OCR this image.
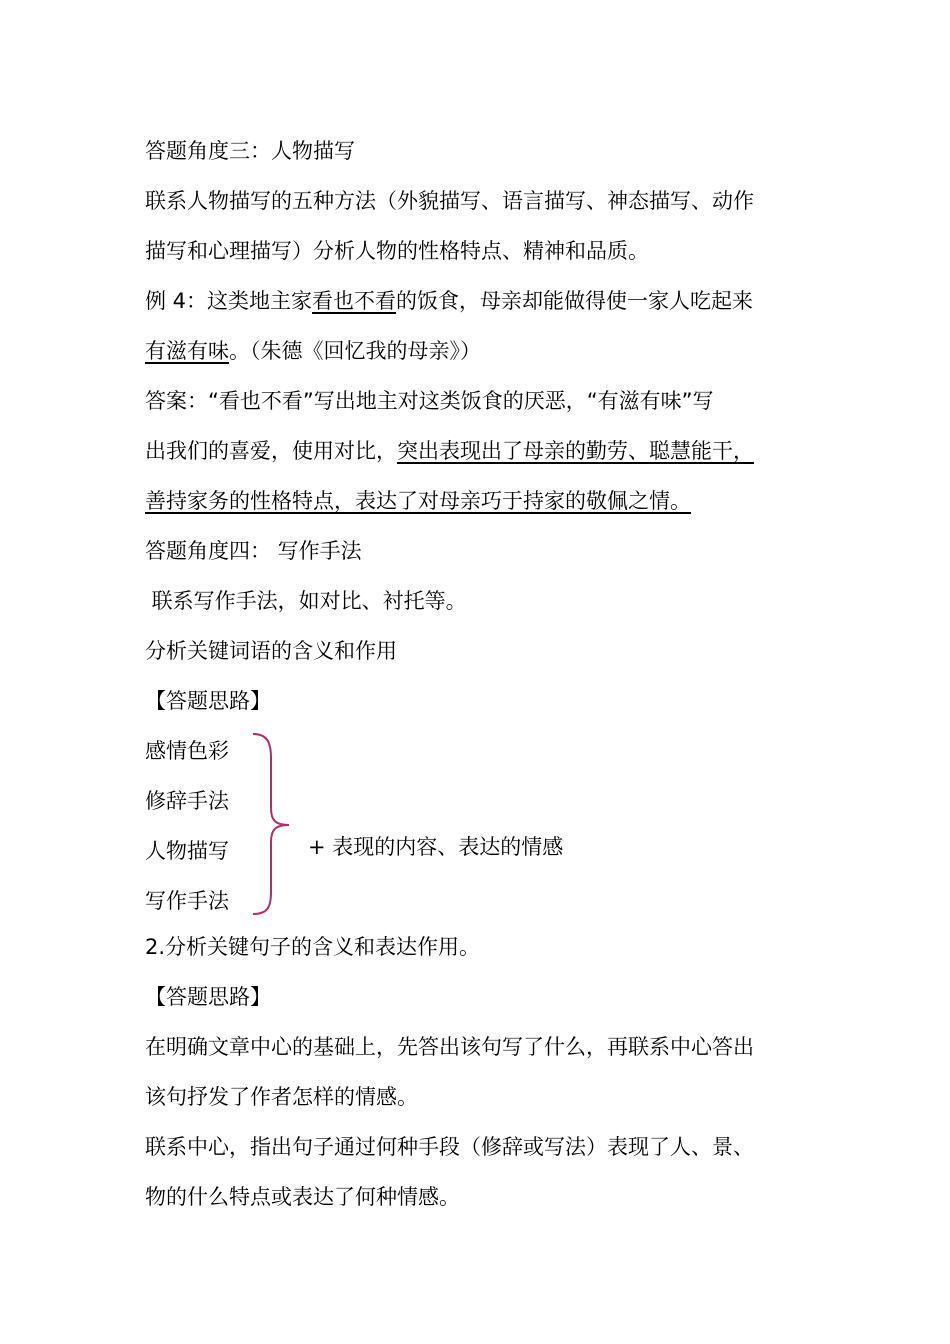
答题角度三：人物描写
联系人物描写的五种方法（外貌描写、语言描写、神态描写、动作
描写和心理描写）分析人物的性格特点、精神和品质。
例 4：这类地主家看也不看的饭食，母亲却能做得使一家人吃起来
有滋有味。（朱德《回忆我的母亲》）
答案：“看也不看”写出地主对这类饭食的厌恶，“有滋有味”写
出我们的喜爱，使用对比，突出表现出了母亲的勤劳、聪慧能干，
善持家务的性格特点，表达了对母亲巧于持家的敬佩之情。
答题角度四： 写作手法
联系写作手法，如对比、衬托等。
分析关键词语的含义和作用
【答题思路】
感情色彩
修辞手法
人物描写
写作手法
+ 表现的内容、表达的情感
2.分析关键句子的含义和表达作用。
【答题思路】
在明确文章中心的基础上，先答出该句写了什么，再联系中心答出
该句抒发了作者怎样的情感。
联系中心，指出句子通过何种手段（修辞或写法）表现了人、景、
物的什么特点或表达了何种情感。
